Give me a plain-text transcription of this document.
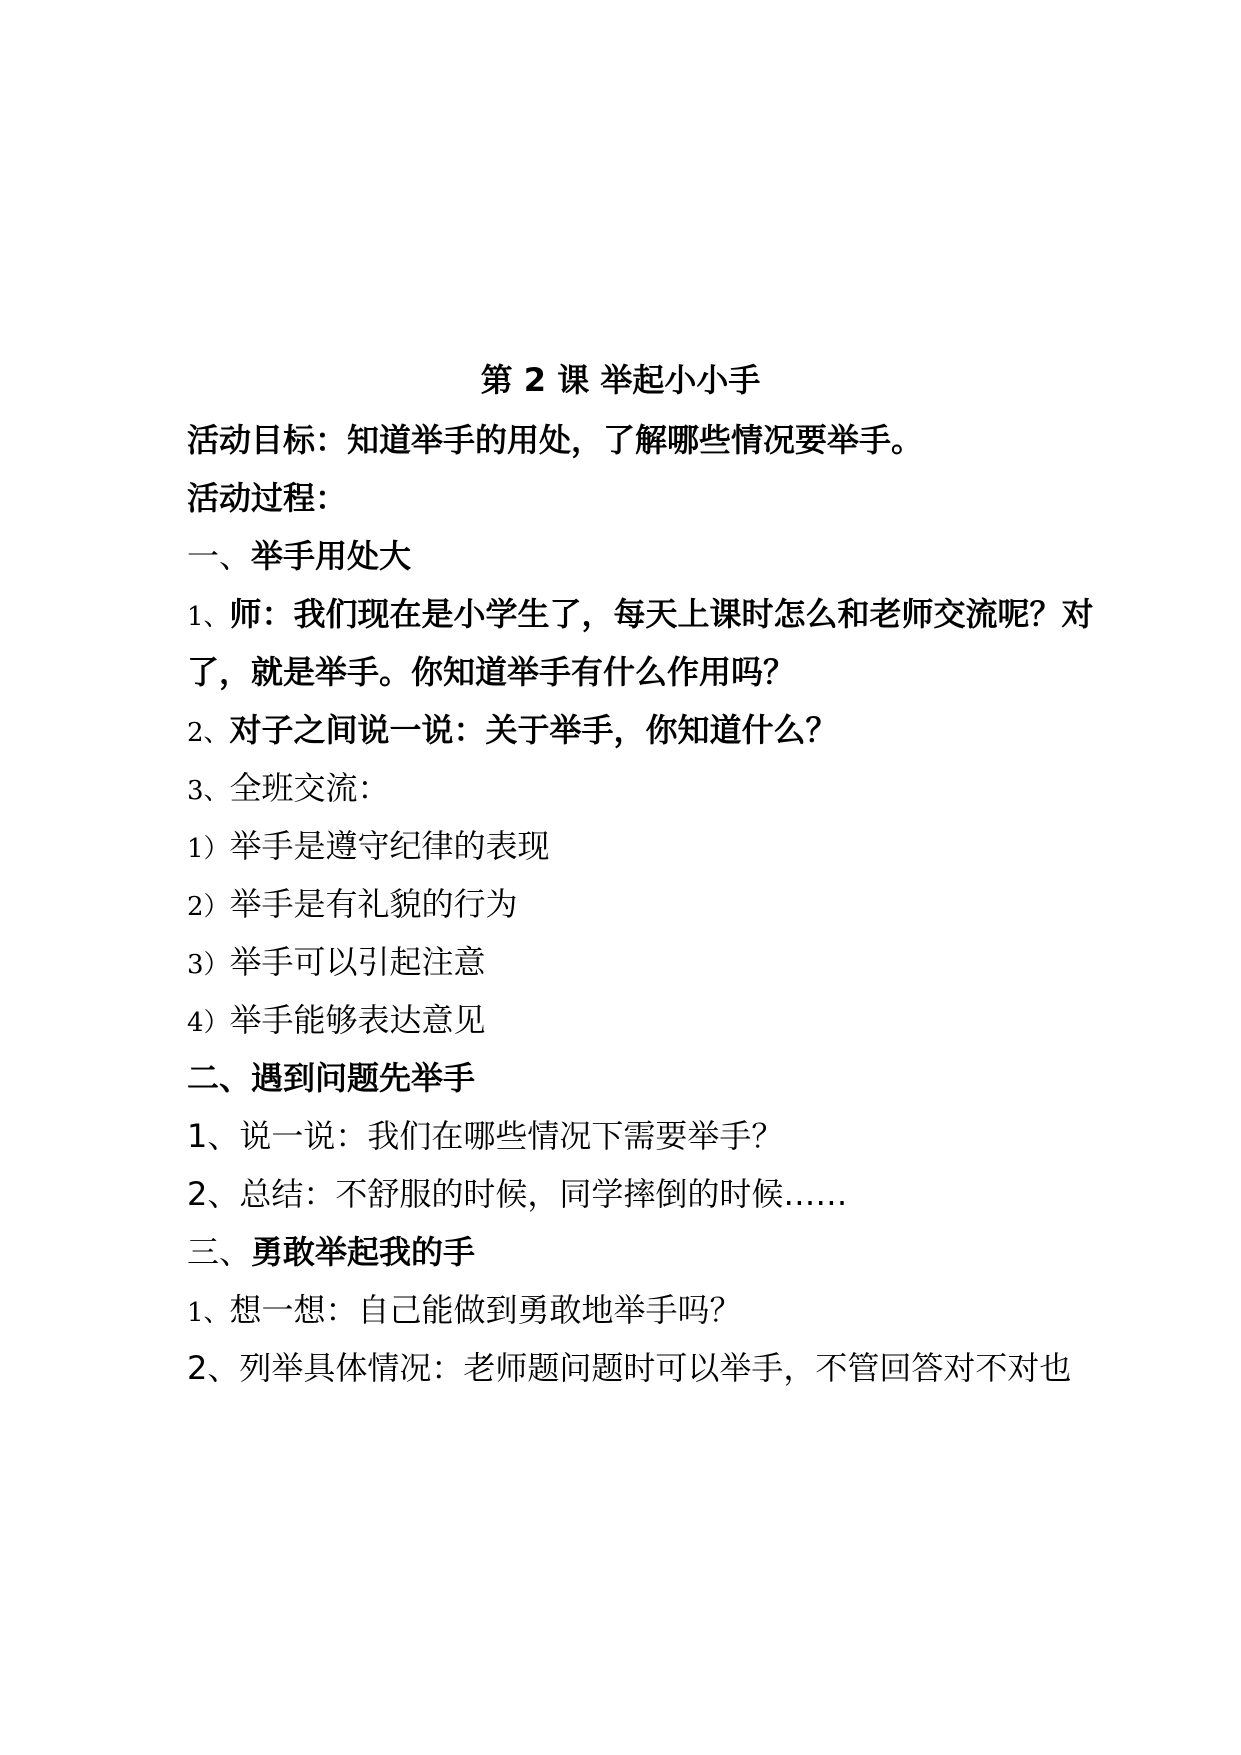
第 2 课 举起小小手
活动目标：知道举手的用处，了解哪些情况要举手。
活动过程：
一、举手用处大
1、师：我们现在是小学生了，每天上课时怎么和老师交流呢？对
了，就是举手。你知道举手有什么作用吗？
2、对子之间说一说：关于举手，你知道什么？
3、全班交流：
1）举手是遵守纪律的表现
2）举手是有礼貌的行为
3）举手可以引起注意
4）举手能够表达意见
二、遇到问题先举手
1、说一说：我们在哪些情况下需要举手？
2、总结：不舒服的时候，同学摔倒的时候……
三、勇敢举起我的手
1、想一想：自己能做到勇敢地举手吗？
2、列举具体情况：老师题问题时可以举手，不管回答对不对也
